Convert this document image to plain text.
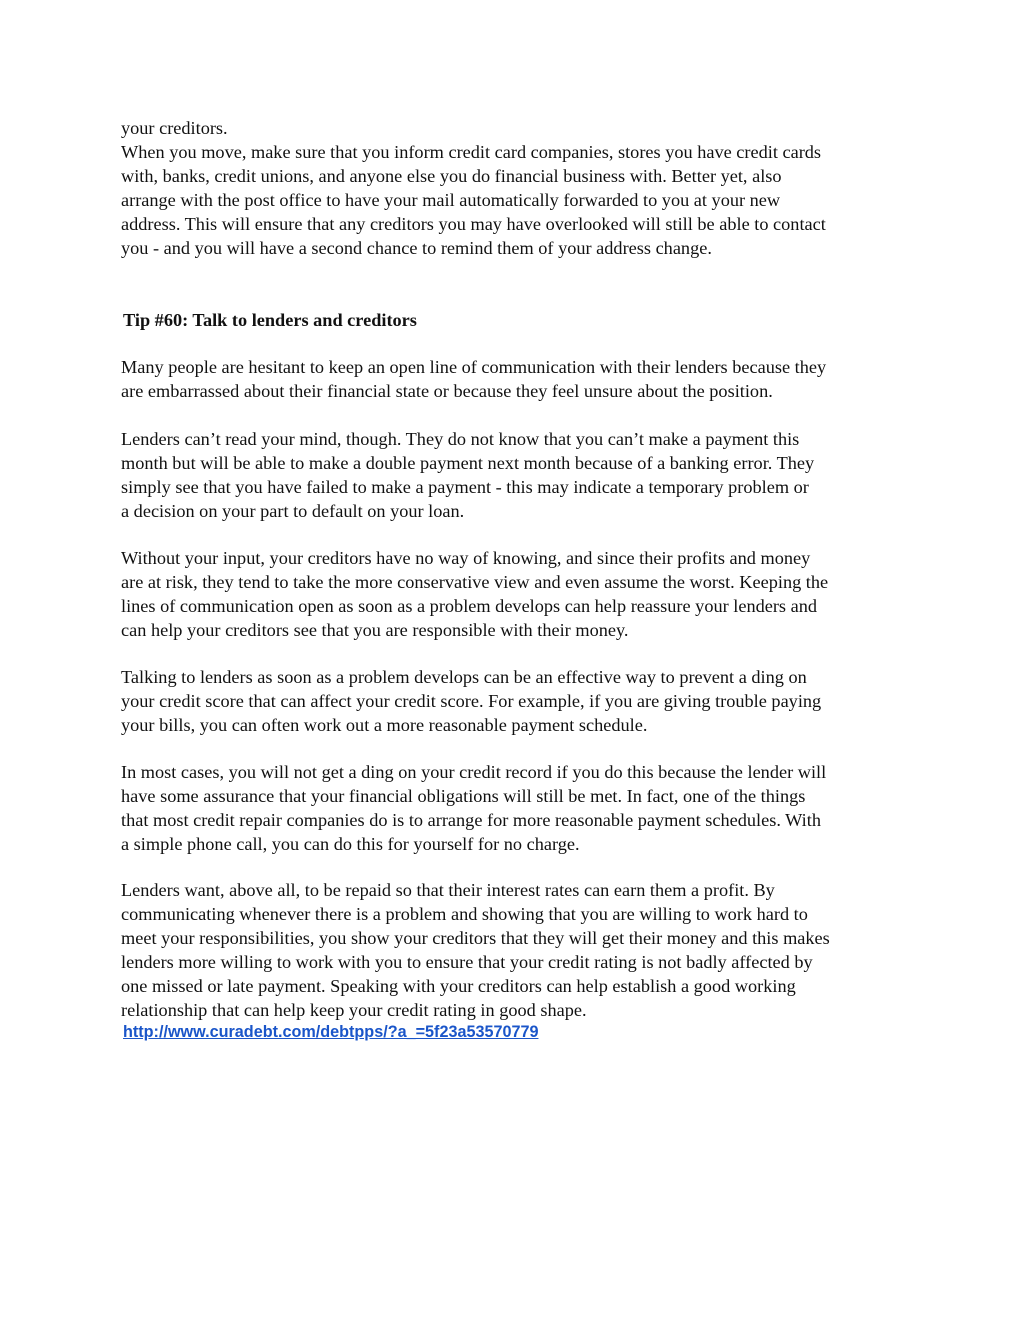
your creditors.
When you move, make sure that you inform credit card companies, stores you have credit cards
with, banks, credit unions, and anyone else you do financial business with. Better yet, also
arrange with the post office to have your mail automatically forwarded to you at your new
address. This will ensure that any creditors you may have overlooked will still be able to contact
you - and you will have a second chance to remind them of your address change.

Tip #60: Talk to lenders and creditors

Many people are hesitant to keep an open line of communication with their lenders because they
are embarrassed about their financial state or because they feel unsure about the position.

Lenders can’t read your mind, though. They do not know that you can’t make a payment this
month but will be able to make a double payment next month because of a banking error. They
simply see that you have failed to make a payment - this may indicate a temporary problem or
a decision on your part to default on your loan.

Without your input, your creditors have no way of knowing, and since their profits and money
are at risk, they tend to take the more conservative view and even assume the worst. Keeping the
lines of communication open as soon as a problem develops can help reassure your lenders and
can help your creditors see that you are responsible with their money.

Talking to lenders as soon as a problem develops can be an effective way to prevent a ding on
your credit score that can affect your credit score. For example, if you are giving trouble paying
your bills, you can often work out a more reasonable payment schedule.

In most cases, you will not get a ding on your credit record if you do this because the lender will
have some assurance that your financial obligations will still be met. In fact, one of the things
that most credit repair companies do is to arrange for more reasonable payment schedules. With
a simple phone call, you can do this for yourself for no charge.

Lenders want, above all, to be repaid so that their interest rates can earn them a profit. By
communicating whenever there is a problem and showing that you are willing to work hard to
meet your responsibilities, you show your creditors that they will get their money and this makes
lenders more willing to work with you to ensure that your credit rating is not badly affected by
one missed or late payment. Speaking with your creditors can help establish a good working
relationship that can help keep your credit rating in good shape.

http://www.curadebt.com/debtpps/?a_=5f23a53570779
